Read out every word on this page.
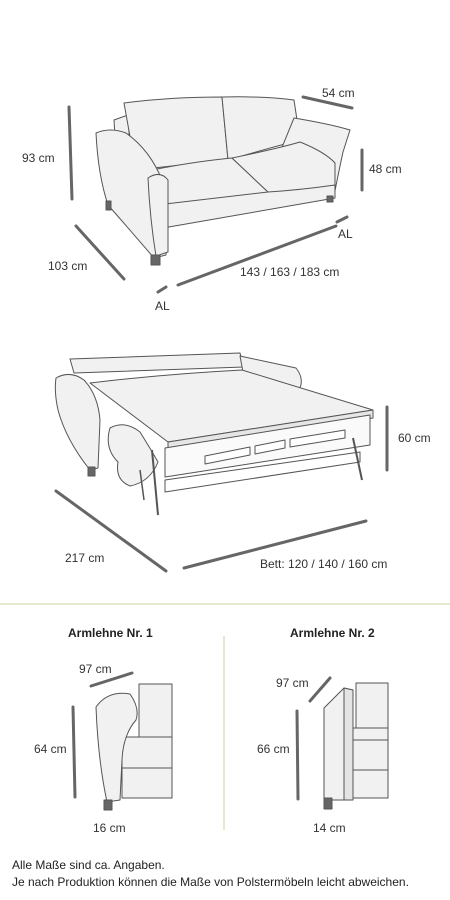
54 cm
93 cm
48 cm
AL
103 cm	143 / 163 / 183 cm
AL
60 cm
217 cm	Bett: 120 / 140 / 160 cm
Armlehne Nr. 1
97 cm
64 cm
16 cm
Armlehne Nr. 2
97 cm
66 cm
14 cm
Alle Maße sind ca. Angaben.
Je nach Produktion können die Maße von Polstermöbeln leicht abweichen.
